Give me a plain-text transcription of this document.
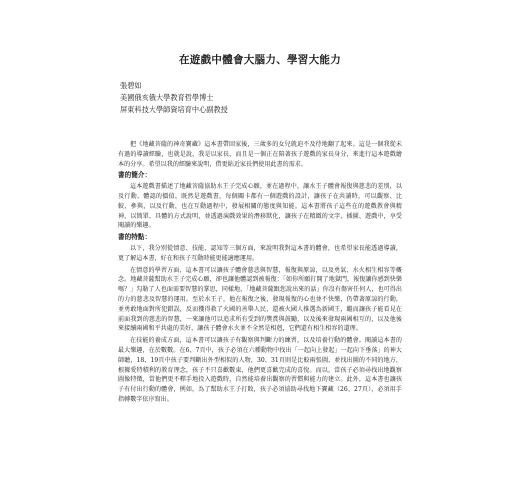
在遊戲中體會大腦力、學習大能力
張碧如
美國俄亥俄大學教育哲學博士
屏東科技大學師資培育中心副教授

把《地藏菩薩的神奇寶藏》這本書帶回家後，三歲多的女兒就迫不及待地翻了起來。這是一個我從未有過的導讀經驗，也就是說，我是以家長，而且是一個正在陪著孩子遊戲的家長身分，來進行這本遊戲繪本的分享。希望以我的經驗來說明，借更貼近家長們使用此書的需求。

書的簡介：

這本遊戲書描述了地藏菩薩協助水王子完成心願，並在過程中，讓水王子體會報復與慈悲的差別，以及行動、體認的價值。既然是遊戲書，每個關卡都有一個遊戲的設計，讓孩子在共讀時，可以觀察、比較、參與，以及行動，也在互動過程中，發展相關的態度與知能。這本書將孩子這些在的遊戲教會與精神，以簡單、具體的方式說明，並透過演戲效果的潛移默化，讓孩子在精緻的文字、插圖、遊戲中，享受閱讀的樂趣。

書的特點：

以下，我分別從情意、技能、認知等三個方面，來說明我對這本書的體會，也希望家長能透過導讀，更了解這本書，好在和孩子互動時能更能適應運用。

在情意的學習方面，這本書可以讓孩子體會慈悲與智慧，報復與原諒，以及勇氣、水火相生相容等概念。地藏菩薩幫助水王子完成心願，卻也讓他體認到被報復：「如你所願打開了地獄門，報復讓你感到快樂嗎？」勾勒了人也面需要智慧的掌思，同樣地，「地藏菩薩跟您說出來的話」你沒有傷害任何人，也可得出的力的慈悲及智慧的運用。至於水王子，他在報復之後，發現報復的心也並不快樂，仍帶著原諒的行動，並勇敢地面對所犯錯誤，反而獲得救了火國的善舉人民，還被火國人推選為新國王，繼而讓孩子能看見在前面我到的慈悲的智慧，一來讓他可以追求所有受到的獎賞與鼓勵，以及後來發現兩國相互的，以及他後來接續兩國和平共處的美好，讓孩子體會水火並不全然是相剋，它們還有相生相容的道理。

在技能的養成方面，這本書可以讓孩子有觀察與判斷力的練習，以及培養行動的體會。閱讀這本書的最大樂趣，在於數數。在6、7頁中，孩子必須在六種動物中找出「一起向上發起」一起向下垂落」的神大師聽，18、19頁中孩子要判斷出外型相似的人物，30、31頁則是比較兩張圖，並找出圖的不同的地方，根據愛特積利的教育理念，孩子不只喜歡數東，他們更喜歡完成的喜悅。而以，當孩子必須尋找出地觀察圖像特徵，當他們更不釋手地投入遊戲時，自然能培養出觀察的習慣與能力的建立。此外，這本書也讓孩子有付出行動的體會，例如，為了幫助水王子打敗，孩子必須協助尋找地下寶藏（26、27頁），必須用手指轉數字依序寫出。
